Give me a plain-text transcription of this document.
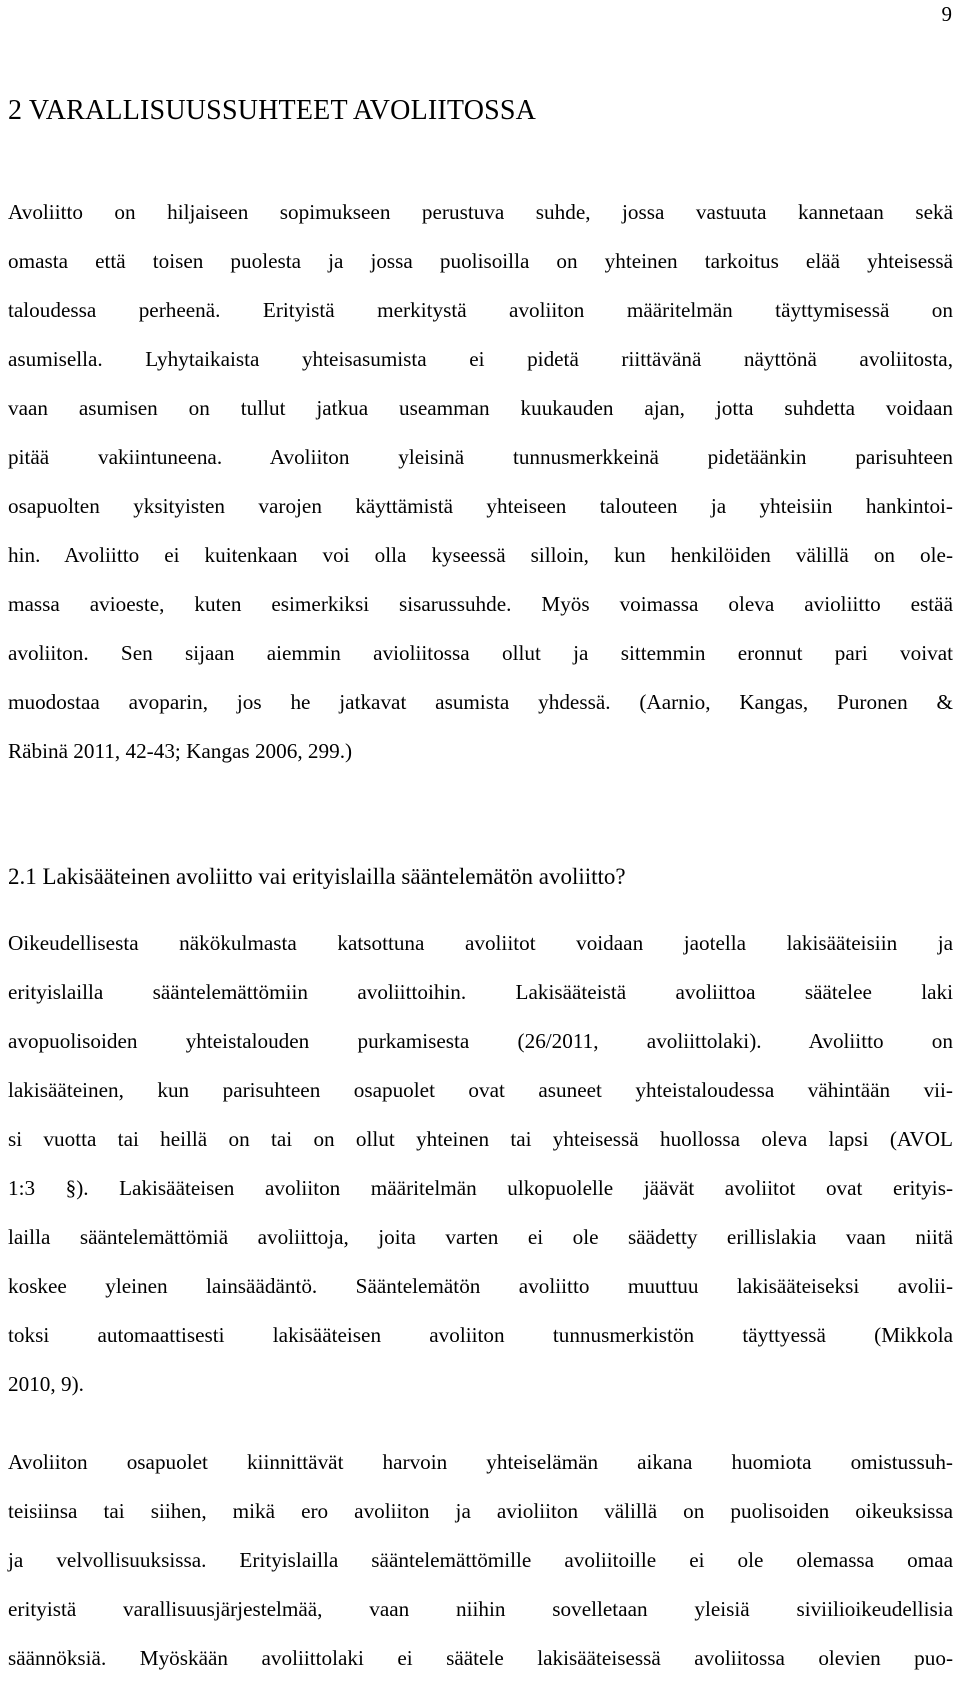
9
2 VARALLISUUSSUHTEET AVOLIITOSSA
Avoliitto on hiljaiseen sopimukseen perustuva suhde, jossa vastuuta kannetaan sekä
omasta että toisen puolesta ja jossa puolisoilla on yhteinen tarkoitus elää yhteisessä
taloudessa perheenä. Erityistä merkitystä avoliiton määritelmän täyttymisessä on
asumisella. Lyhytaikaista yhteisasumista ei pidetä riittävänä näyttönä avoliitosta,
vaan asumisen on tullut jatkua useamman kuukauden ajan, jotta suhdetta voidaan
pitää vakiintuneena. Avoliiton yleisinä tunnusmerkkeinä pidetäänkin parisuhteen
osapuolten yksityisten varojen käyttämistä yhteiseen talouteen ja yhteisiin hankintoi-
hin. Avoliitto ei kuitenkaan voi olla kyseessä silloin, kun henkilöiden välillä on ole-
massa avioeste, kuten esimerkiksi sisarussuhde. Myös voimassa oleva avioliitto estää
avoliiton. Sen sijaan aiemmin avioliitossa ollut ja sittemmin eronnut pari voivat
muodostaa avoparin, jos he jatkavat asumista yhdessä. (Aarnio, Kangas, Puronen &
Räbinä 2011, 42-43; Kangas 2006, 299.)
2.1 Lakisääteinen avoliitto vai erityislailla sääntelemätön avoliitto?
Oikeudellisesta näkökulmasta katsottuna avoliitot voidaan jaotella lakisääteisiin ja
erityislailla sääntelemättömiin avoliittoihin. Lakisääteistä avoliittoa säätelee laki
avopuolisoiden yhteistalouden purkamisesta (26/2011, avoliittolaki). Avoliitto on
lakisääteinen, kun parisuhteen osapuolet ovat asuneet yhteistaloudessa vähintään vii-
si vuotta tai heillä on tai on ollut yhteinen tai yhteisessä huollossa oleva lapsi (AVOL
1:3 §). Lakisääteisen avoliiton määritelmän ulkopuolelle jäävät avoliitot ovat erityis-
lailla sääntelemättömiä avoliittoja, joita varten ei ole säädetty erillislakia vaan niitä
koskee yleinen lainsäädäntö. Sääntelemätön avoliitto muuttuu lakisääteiseksi avolii-
toksi automaattisesti lakisääteisen avoliiton tunnusmerkistön täyttyessä (Mikkola
2010, 9).
Avoliiton osapuolet kiinnittävät harvoin yhteiselämän aikana huomiota omistussuh-
teisiinsa tai siihen, mikä ero avoliiton ja avioliiton välillä on puolisoiden oikeuksissa
ja velvollisuuksissa. Erityislailla sääntelemättömille avoliitoille ei ole olemassa omaa
erityistä varallisuusjärjestelmää, vaan niihin sovelletaan yleisiä siviilioikeudellisia
säännöksiä. Myöskään avoliittolaki ei säätele lakisääteisessä avoliitossa olevien puo-
